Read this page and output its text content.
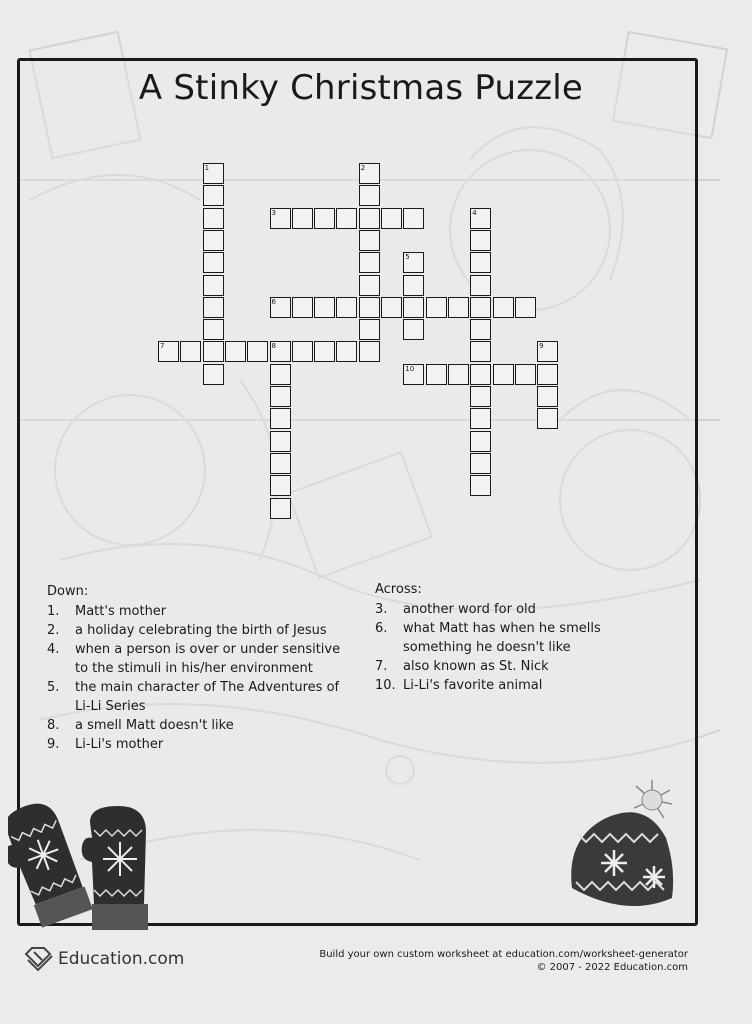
A Stinky Christmas Puzzle
1	2
3	4
5
6
7	8	9
10
Down:
1.	Matt's mother
2.	a holiday celebrating the birth of Jesus
4.	when a person is over or under sensitive to the stimuli in his/her environment
5.	the main character of The Adventures of Li-Li Series
8.	a smell Matt doesn't like
9.	Li-Li's mother
Across:
3.	another word for old
6.	what Matt has when he smells something he doesn't like
7.	also known as St. Nick
10. Li-Li's favorite animal
Build your own custom worksheet at education.com/worksheet-generator
© 2007 - 2022 Education.com
Education.com
